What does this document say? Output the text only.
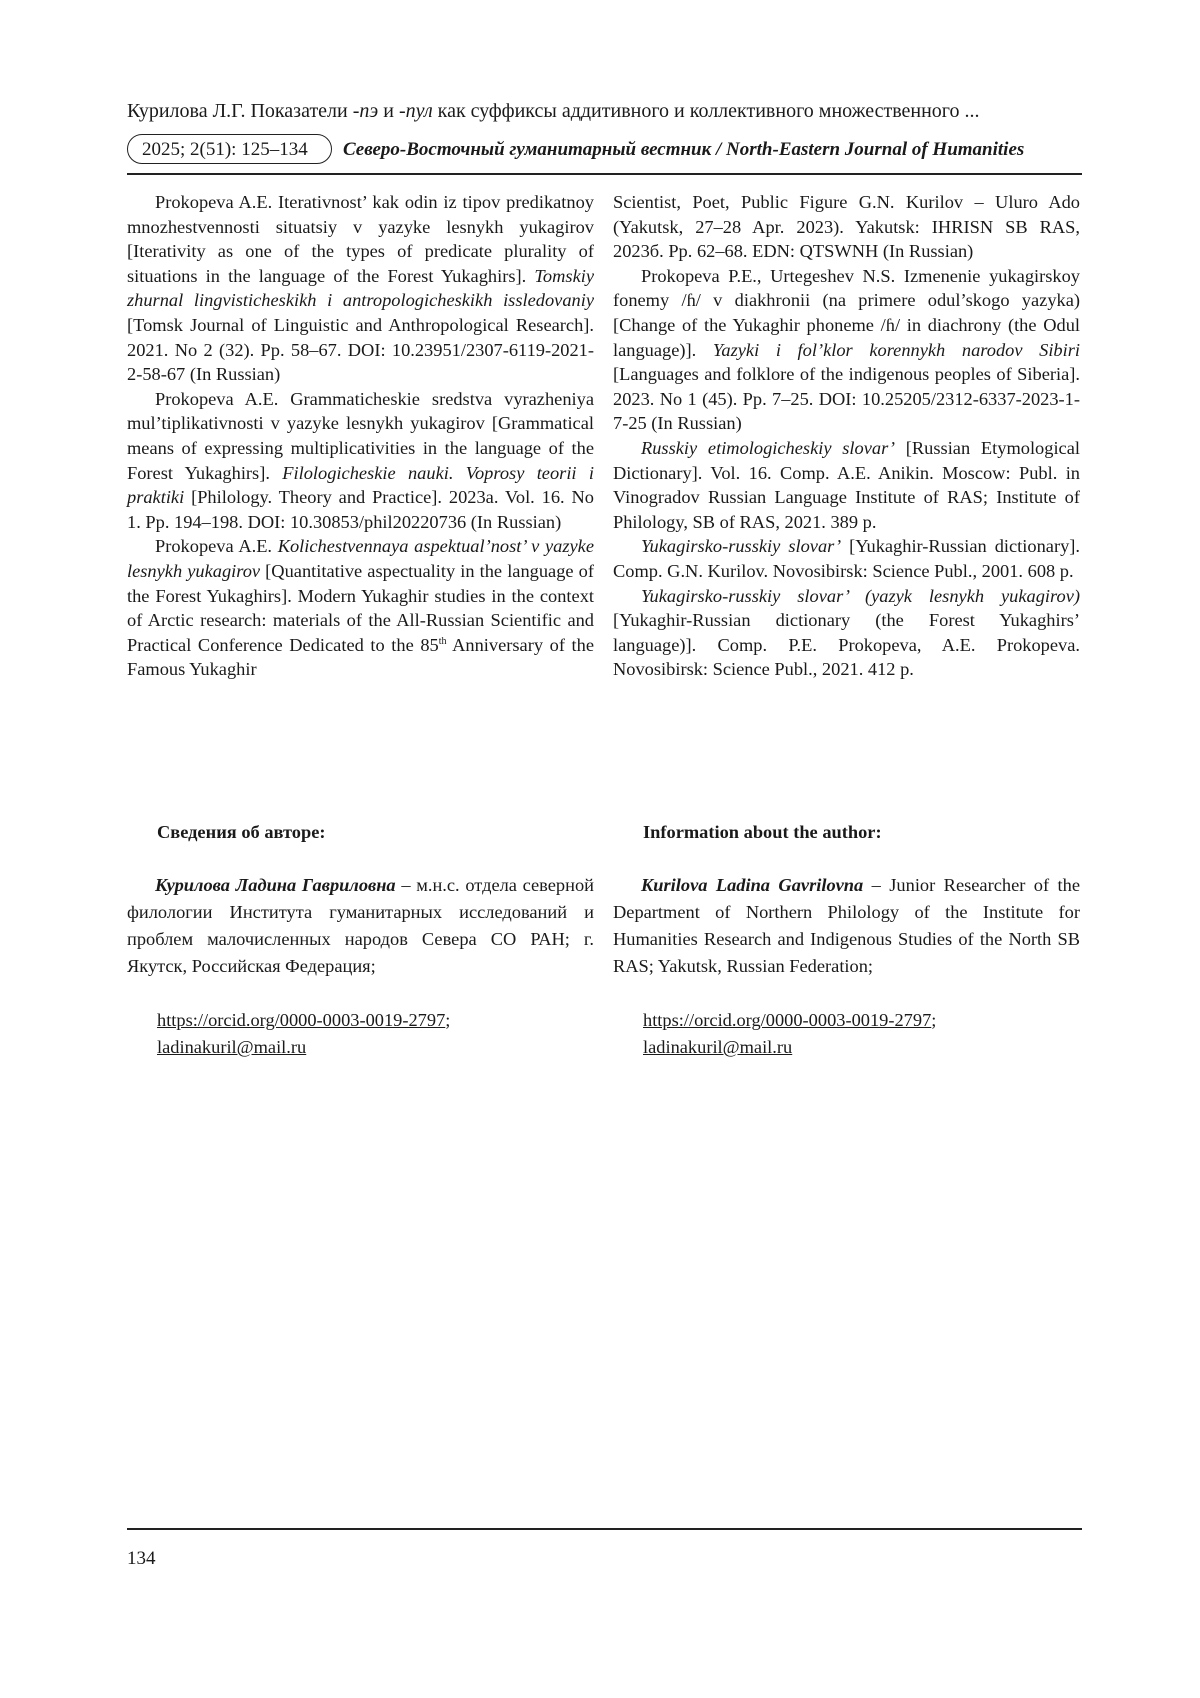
Курилова Л.Г. Показатели -пэ и -пул как суффиксы аддитивного и коллективного множественного ...
2025; 2(51): 125–134	Северо-Восточный гуманитарный вестник / North-Eastern Journal of Humanities

Prokopeva A.E. Iterativnost’ kak odin iz tipov predikatnoy mnozhestvennosti situatsiy v yazyke lesnykh yukagirov [Iterativity as one of the types of predicate plurality of situations in the language of the Forest Yukaghirs]. Tomskiy zhurnal lingvisticheskikh i antropologicheskikh issledovaniy [Tomsk Journal of Linguistic and Anthropological Research]. 2021. No 2 (32). Pp. 58–67. DOI: 10.23951/2307-6119-2021-2-58-67 (In Russian)

Prokopeva A.E. Grammaticheskie sredstva vyrazheniya mul’tiplikativnosti v yazyke lesnykh yukagirov [Grammatical means of expressing multiplicativities in the language of the Forest Yukaghirs]. Filologicheskie nauki. Voprosy teorii i praktiki [Philology. Theory and Practice]. 2023a. Vol. 16. No 1. Pp. 194–198. DOI: 10.30853/phil20220736 (In Russian)

Prokopeva A.E. Kolichestvennaya aspektual’nost’ v yazyke lesnykh yukagirov [Quantitative aspectuality in the language of the Forest Yukaghirs]. Modern Yukaghir studies in the context of Arctic research: materials of the All-Russian Scientific and Practical Conference Dedicated to the 85th Anniversary of the Famous Yukaghir

Scientist, Poet, Public Figure G.N. Kurilov – Uluro Ado (Yakutsk, 27–28 Apr. 2023). Yakutsk: IHRISN SB RAS, 2023б. Pp. 62–68. EDN: QTSWNH (In Russian)

Prokopeva P.E., Urtegeshev N.S. Izmenenie yukagirskoy fonemy /ɦ/ v diakhronii (na primere odul’skogo yazyka) [Change of the Yukaghir phoneme /ɦ/ in diachrony (the Odul language)]. Yazyki i fol’klor korennykh narodov Sibiri [Languages and folklore of the indigenous peoples of Siberia]. 2023. No 1 (45). Pp. 7–25. DOI: 10.25205/2312-6337-2023-1-7-25 (In Russian)

Russkiy etimologicheskiy slovar’ [Russian Etymological Dictionary]. Vol. 16. Comp. A.E. Anikin. Moscow: Publ. in Vinogradov Russian Language Institute of RAS; Institute of Philology, SB of RAS, 2021. 389 p.

Yukagirsko-russkiy slovar’ [Yukaghir-Russian dictionary]. Comp. G.N. Kurilov. Novosibirsk: Science Publ., 2001. 608 p.

Yukagirsko-russkiy slovar’ (yazyk lesnykh yukagirov) [Yukaghir-Russian dictionary (the Forest Yukaghirs’ language)]. Comp. P.E. Prokopeva, A.E. Prokopeva. Novosibirsk: Science Publ., 2021. 412 p.

Сведения об авторе:	Information about the author:

Курилова Ладина Гавриловна – м.н.с. отдела северной филологии Института гуманитарных исследований и проблем малочисленных народов Севера СО РАН; г. Якутск, Российская Федерация;

Kurilova Ladina Gavrilovna – Junior Researcher of the Department of Northern Philology of the Institute for Humanities Research and Indigenous Studies of the North SB RAS; Yakutsk, Russian Federation;

https://orcid.org/0000-0003-0019-2797;
ladinakuril@mail.ru
https://orcid.org/0000-0003-0019-2797;
ladinakuril@mail.ru
134
